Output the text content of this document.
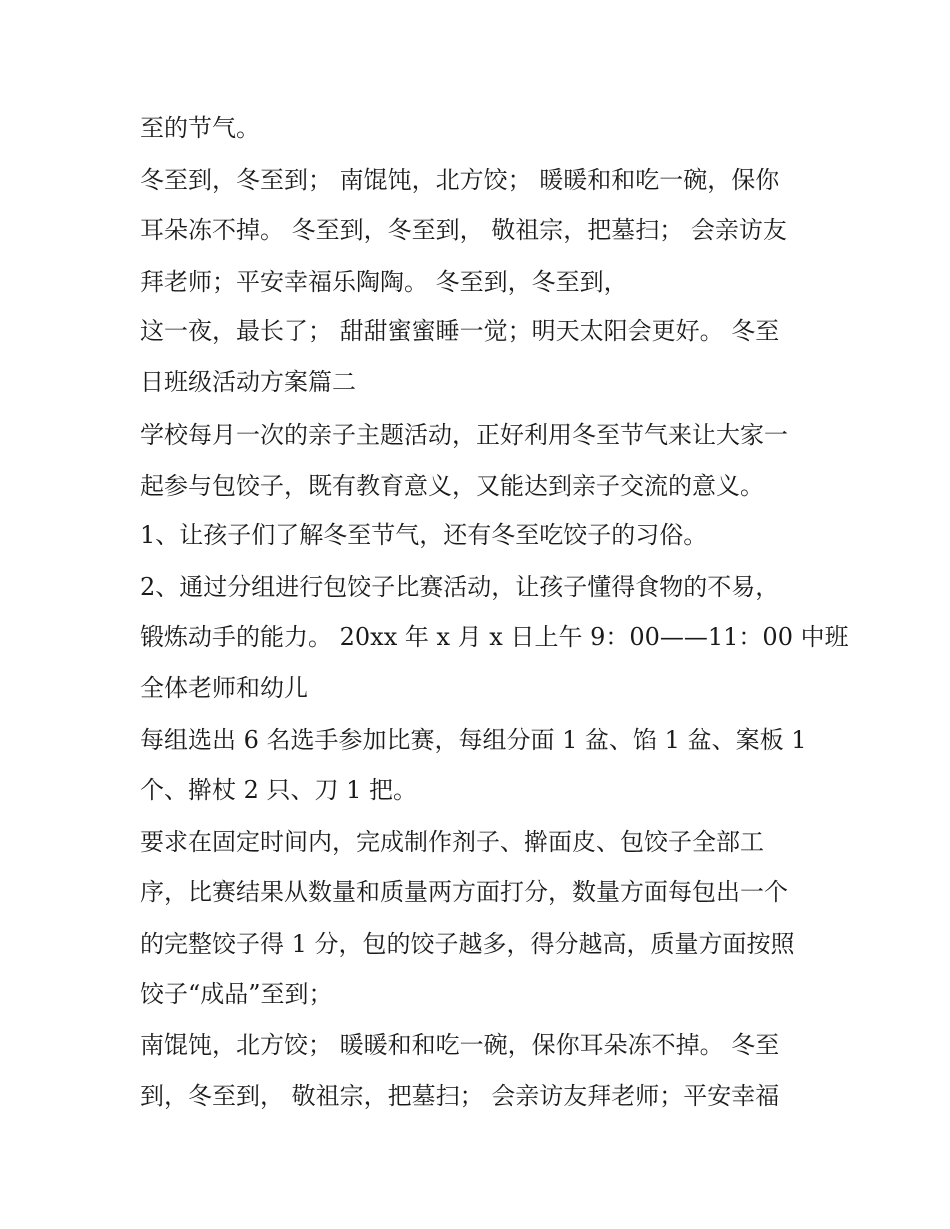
至的节气。

冬至到，冬至到； 南馄饨，北方饺； 暖暖和和吃一碗，保你

耳朵冻不掉。 冬至到，冬至到， 敬祖宗，把墓扫； 会亲访友

拜老师；平安幸福乐陶陶。 冬至到，冬至到，

这一夜，最长了； 甜甜蜜蜜睡一觉；明天太阳会更好。 冬至

日班级活动方案篇二

学校每月一次的亲子主题活动，正好利用冬至节气来让大家一

起参与包饺子，既有教育意义，又能达到亲子交流的意义。

1、让孩子们了解冬至节气，还有冬至吃饺子的习俗。

2、通过分组进行包饺子比赛活动，让孩子懂得食物的不易，

锻炼动手的能力。 20xx 年 x 月 x 日上午 9：00——11：00 中班

全体老师和幼儿

每组选出 6 名选手参加比赛，每组分面 1 盆、馅 1 盆、案板 1

个、擀杖 2 只、刀 1 把。

要求在固定时间内，完成制作剂子、擀面皮、包饺子全部工

序，比赛结果从数量和质量两方面打分，数量方面每包出一个

的完整饺子得 1 分，包的饺子越多，得分越高，质量方面按照

饺子“成品”至到；

南馄饨，北方饺； 暖暖和和吃一碗，保你耳朵冻不掉。 冬至

到，冬至到， 敬祖宗，把墓扫； 会亲访友拜老师；平安幸福
